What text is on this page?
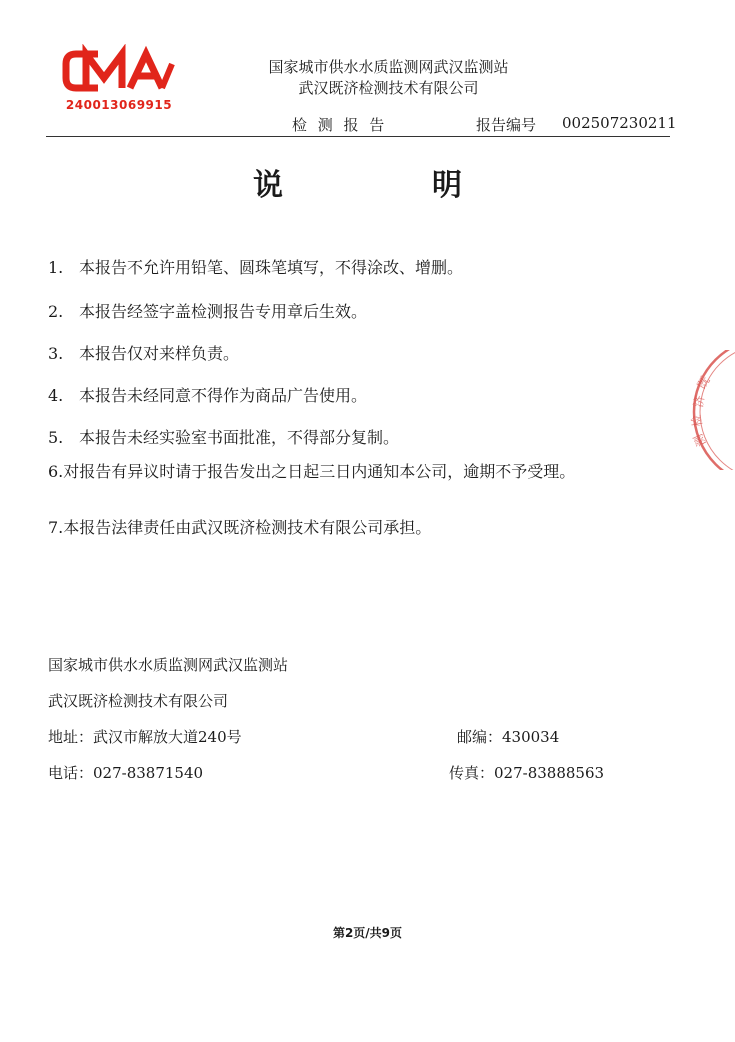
240013069915
国家城市供水水质监测网武汉监测站
武汉既济检测技术有限公司
检 测 报 告	报告编号 002507230211
说	明
1. 本报告不允许用铅笔、圆珠笔填写，不得涂改、增删。
2. 本报告经签字盖检测报告专用章后生效。
3. 本报告仅对来样负责。
4. 本报告未经同意不得作为商品广告使用。
5. 本报告未经实验室书面批准，不得部分复制。
6.对报告有异议时请于报告发出之日起三日内通知本公司，逾期不予受理。
7.本报告法律责任由武汉既济检测技术有限公司承担。
国家城市供水水质监测网武汉监测站
武汉既济检测技术有限公司
地址：武汉市解放大道240号	邮编：430034
电话：027-83871540	传真：027-83888563
第2页/共9页
既
济
检
测
